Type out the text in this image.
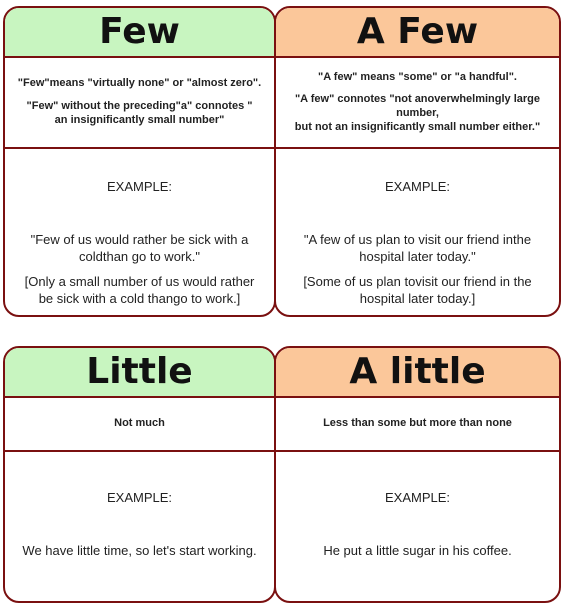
Few

"Few"means "virtually none" or "almost zero".

"Few" without the preceding"a" connotes "
an insignificantly small number"

EXAMPLE:

"Few of us would rather be sick with a
coldthan go to work."

[Only a small number of us would rather
be sick with a cold thango to work.]

A Few

"A few" means "some" or "a handful".

"A few" connotes "not anoverwhelmingly large
number,
but not an insignificantly small number either."

EXAMPLE:

"A few of us plan to visit our friend inthe
hospital later today."

[Some of us plan tovisit our friend in the
hospital later today.]

Little

Not much

EXAMPLE:

We have little time, so let's start working.

A little

Less than some but more than none

EXAMPLE:

He put a little sugar in his coffee.
